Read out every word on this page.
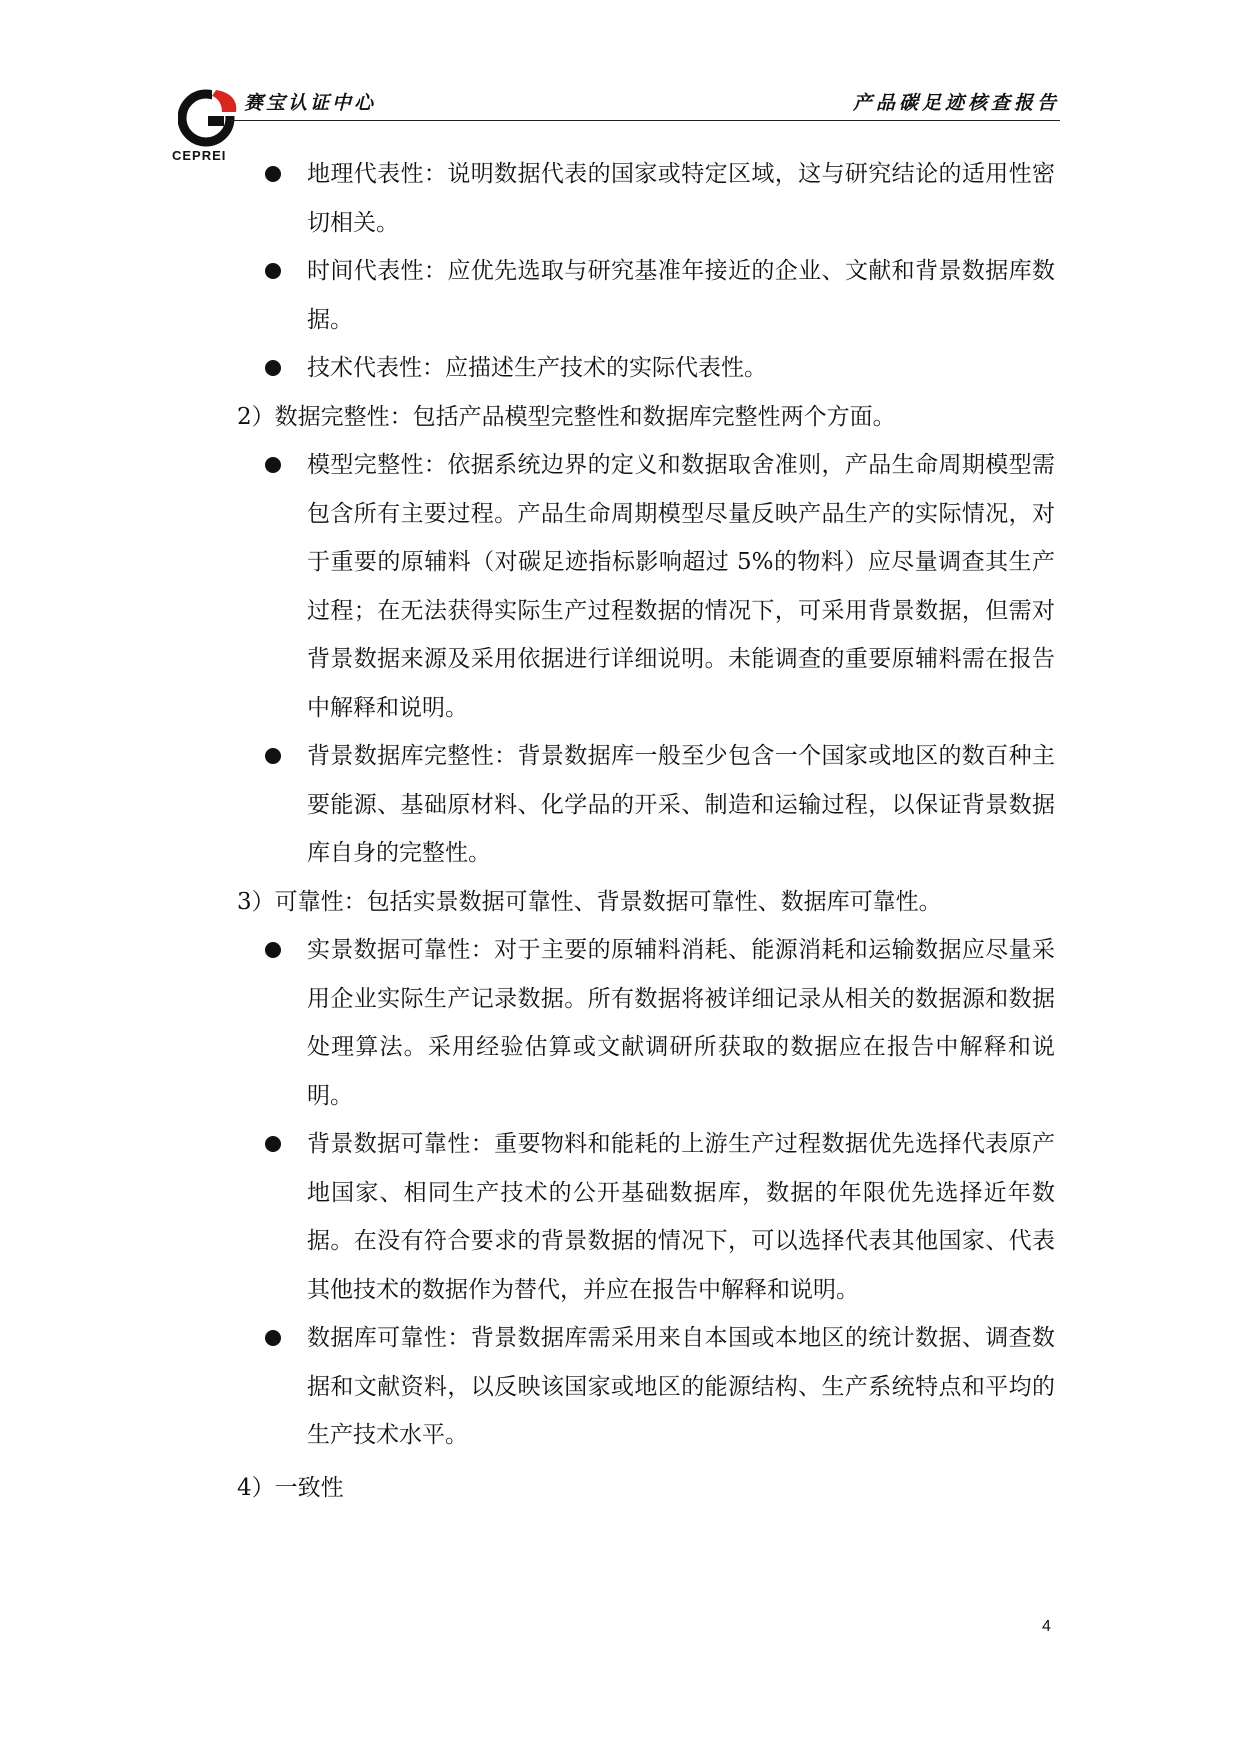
CEPREI
赛宝认证中心	产品碳足迹核查报告
地理代表性：说明数据代表的国家或特定区域，这与研究结论的适用性密切相关。
时间代表性：应优先选取与研究基准年接近的企业、文献和背景数据库数据。
技术代表性：应描述生产技术的实际代表性。
2）数据完整性：包括产品模型完整性和数据库完整性两个方面。
模型完整性：依据系统边界的定义和数据取舍准则，产品生命周期模型需包含所有主要过程。产品生命周期模型尽量反映产品生产的实际情况，对于重要的原辅料（对碳足迹指标影响超过 5%的物料）应尽量调查其生产过程；在无法获得实际生产过程数据的情况下，可采用背景数据，但需对背景数据来源及采用依据进行详细说明。未能调查的重要原辅料需在报告中解释和说明。
背景数据库完整性：背景数据库一般至少包含一个国家或地区的数百种主要能源、基础原材料、化学品的开采、制造和运输过程，以保证背景数据库自身的完整性。
3）可靠性：包括实景数据可靠性、背景数据可靠性、数据库可靠性。
实景数据可靠性：对于主要的原辅料消耗、能源消耗和运输数据应尽量采用企业实际生产记录数据。所有数据将被详细记录从相关的数据源和数据处理算法。采用经验估算或文献调研所获取的数据应在报告中解释和说明。
背景数据可靠性：重要物料和能耗的上游生产过程数据优先选择代表原产地国家、相同生产技术的公开基础数据库，数据的年限优先选择近年数据。在没有符合要求的背景数据的情况下，可以选择代表其他国家、代表其他技术的数据作为替代，并应在报告中解释和说明。
数据库可靠性：背景数据库需采用来自本国或本地区的统计数据、调查数据和文献资料，以反映该国家或地区的能源结构、生产系统特点和平均的生产技术水平。
4）一致性
4
